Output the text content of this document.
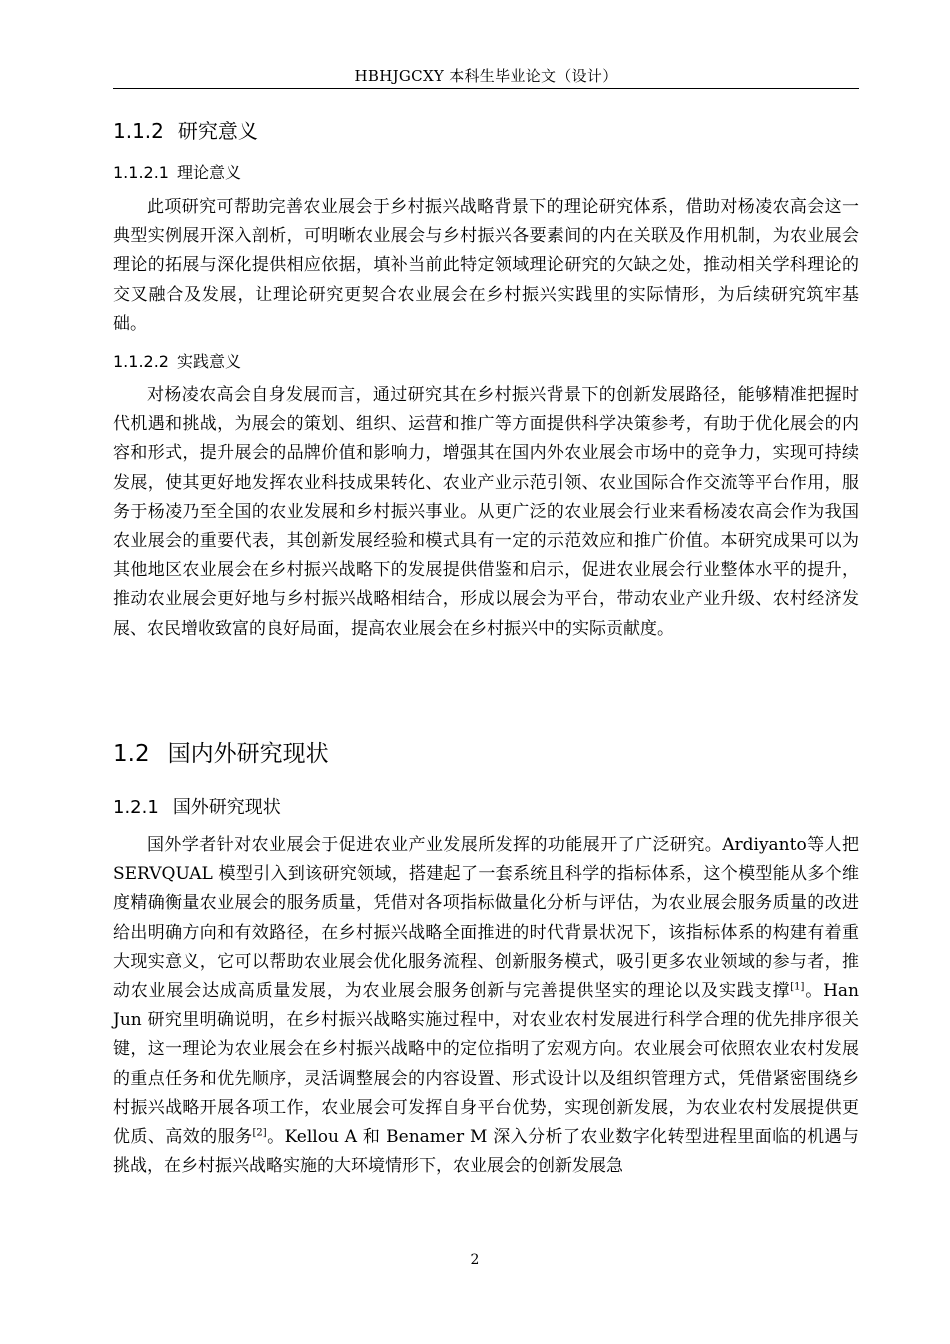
HBHJGCXY 本科生毕业论文（设计）
1.1.2 研究意义
1.1.2.1 理论意义

此项研究可帮助完善农业展会于乡村振兴战略背景下的理论研究体系，借助对杨凌农高会这一典型实例展开深入剖析，可明晰农业展会与乡村振兴各要素间的内在关联及作用机制，为农业展会理论的拓展与深化提供相应依据，填补当前此特定领域理论研究的欠缺之处，推动相关学科理论的交叉融合及发展，让理论研究更契合农业展会在乡村振兴实践里的实际情形，为后续研究筑牢基础。

1.1.2.2 实践意义

对杨凌农高会自身发展而言，通过研究其在乡村振兴背景下的创新发展路径，能够精准把握时代机遇和挑战，为展会的策划、组织、运营和推广等方面提供科学决策参考，有助于优化展会的内容和形式，提升展会的品牌价值和影响力，增强其在国内外农业展会市场中的竞争力，实现可持续发展，使其更好地发挥农业科技成果转化、农业产业示范引领、农业国际合作交流等平台作用，服务于杨凌乃至全国的农业发展和乡村振兴事业。从更广泛的农业展会行业来看杨凌农高会作为我国农业展会的重要代表，其创新发展经验和模式具有一定的示范效应和推广价值。本研究成果可以为其他地区农业展会在乡村振兴战略下的发展提供借鉴和启示，促进农业展会行业整体水平的提升，推动农业展会更好地与乡村振兴战略相结合，形成以展会为平台，带动农业产业升级、农村经济发展、农民增收致富的良好局面，提高农业展会在乡村振兴中的实际贡献度。

1.2 国内外研究现状
1.2.1 国外研究现状

国外学者针对农业展会于促进农业产业发展所发挥的功能展开了广泛研究。Ardiyanto等人把 SERVQUAL 模型引入到该研究领域，搭建起了一套系统且科学的指标体系，这个模型能从多个维度精确衡量农业展会的服务质量，凭借对各项指标做量化分析与评估，为农业展会服务质量的改进给出明确方向和有效路径，在乡村振兴战略全面推进的时代背景状况下，该指标体系的构建有着重大现实意义，它可以帮助农业展会优化服务流程、创新服务模式，吸引更多农业领域的参与者，推动农业展会达成高质量发展，为农业展会服务创新与完善提供坚实的理论以及实践支撑[1]。Han Jun 研究里明确说明，在乡村振兴战略实施过程中，对农业农村发展进行科学合理的优先排序很关键，这一理论为农业展会在乡村振兴战略中的定位指明了宏观方向。农业展会可依照农业农村发展的重点任务和优先顺序，灵活调整展会的内容设置、形式设计以及组织管理方式，凭借紧密围绕乡村振兴战略开展各项工作，农业展会可发挥自身平台优势，实现创新发展，为农业农村发展提供更优质、高效的服务[2]。Kellou A 和 Benamer M 深入分析了农业数字化转型进程里面临的机遇与挑战，在乡村振兴战略实施的大环境情形下，农业展会的创新发展急

2
